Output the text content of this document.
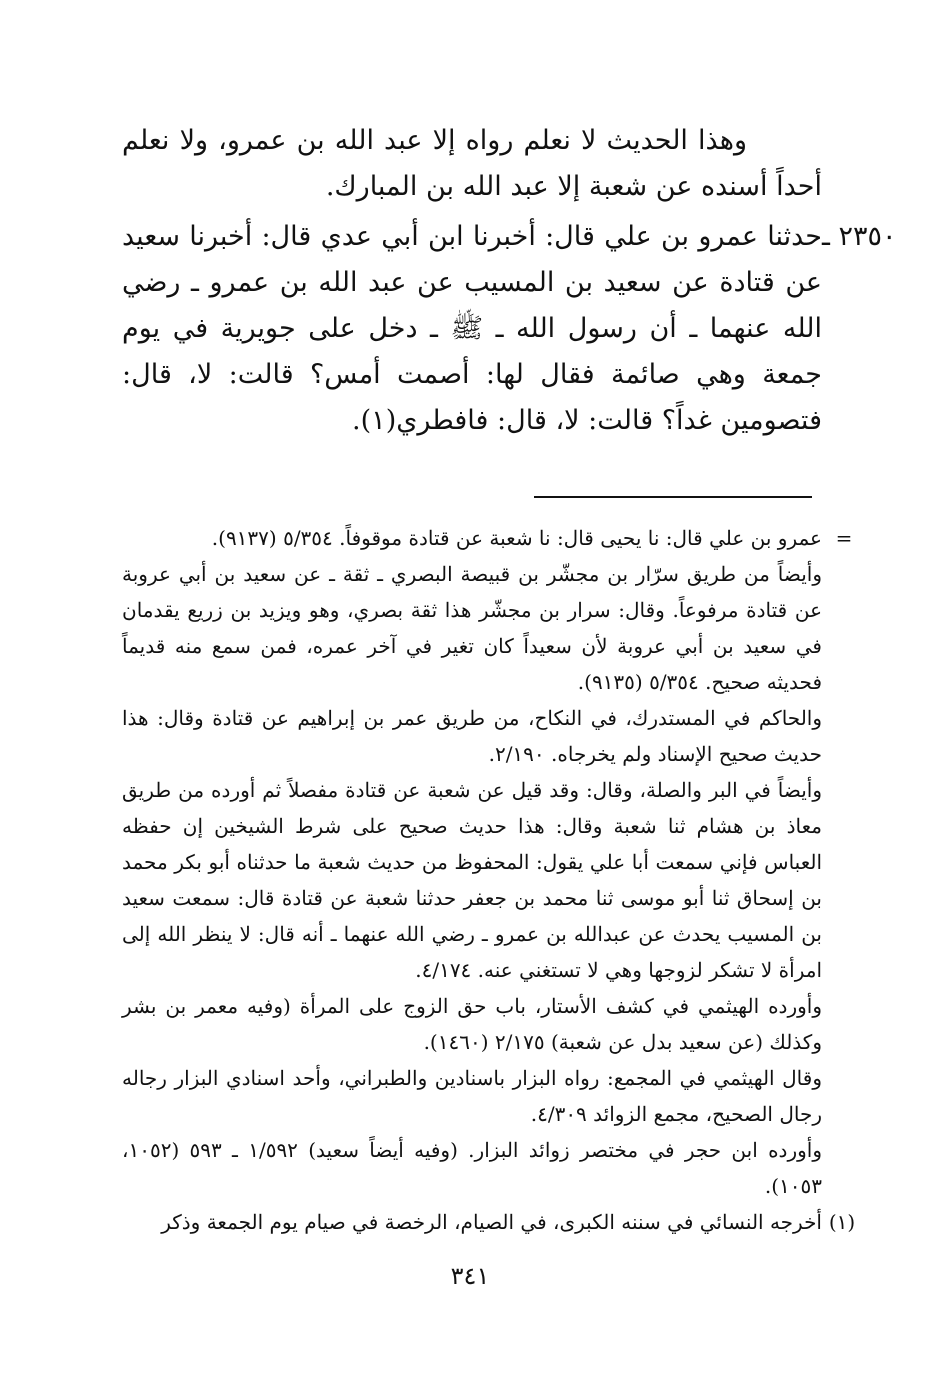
وهذا الحديث لا نعلم رواه إلا عبد الله بن عمرو، ولا نعلم أحداً أسنده عن شعبة إلا عبد الله بن المبارك.

٢٣٥٠ ـ
حدثنا عمرو بن علي قال: أخبرنا ابن أبي عدي قال: أخبرنا سعيد عن قتادة عن سعيد بن المسيب عن عبد الله بن عمرو ـ رضي الله عنهما ـ أن رسول الله ـ ﷺ ـ دخل على جويرية في يوم جمعة وهي صائمة فقال لها: أصمت أمس؟ قالت: لا، قال: فتصومين غداً؟ قالت: لا، قال: فافطري(١).

=

عمرو بن علي قال: نا يحيى قال: نا شعبة عن قتادة موقوفاً. ٥/٣٥٤ (٩١٣٧).

وأيضاً من طريق سرّار بن مجشّر بن قبيصة البصري ـ ثقة ـ عن سعيد بن أبي عروبة عن قتادة مرفوعاً. وقال: سرار بن مجشّر هذا ثقة بصري، وهو ويزيد بن زريع يقدمان في سعيد بن أبي عروبة لأن سعيداً كان تغير في آخر عمره، فمن سمع منه قديماً فحديثه صحيح. ٥/٣٥٤ (٩١٣٥).

والحاكم في المستدرك، في النكاح، من طريق عمر بن إبراهيم عن قتادة وقال: هذا حديث صحيح الإسناد ولم يخرجاه. ٢/١٩٠.

وأيضاً في البر والصلة، وقال: وقد قيل عن شعبة عن قتادة مفصلاً ثم أورده من طريق معاذ بن هشام ثنا شعبة وقال: هذا حديث صحيح على شرط الشيخين إن حفظه العباس فإني سمعت أبا علي يقول: المحفوظ من حديث شعبة ما حدثناه أبو بكر محمد بن إسحاق ثنا أبو موسى ثنا محمد بن جعفر حدثنا شعبة عن قتادة قال: سمعت سعيد بن المسيب يحدث عن عبدالله بن عمرو ـ رضي الله عنهما ـ أنه قال: لا ينظر الله إلى امرأة لا تشكر لزوجها وهي لا تستغني عنه. ٤/١٧٤.

وأورده الهيثمي في كشف الأستار، باب حق الزوج على المرأة (وفيه معمر بن بشر وكذلك (عن سعيد بدل عن شعبة) ٢/١٧٥ (١٤٦٠).

وقال الهيثمي في المجمع: رواه البزار باسنادين والطبراني، وأحد اسنادي البزار رجاله رجال الصحيح، مجمع الزوائد ٤/٣٠٩.

وأورده ابن حجر في مختصر زوائد البزار. (وفيه أيضاً سعيد) ١/٥٩٢ ـ ٥٩٣ (١٠٥٢، ١٠٥٣).

(١)

أخرجه النسائي في سننه الكبرى، في الصيام، الرخصة في صيام يوم الجمعة وذكر

٣٤١
